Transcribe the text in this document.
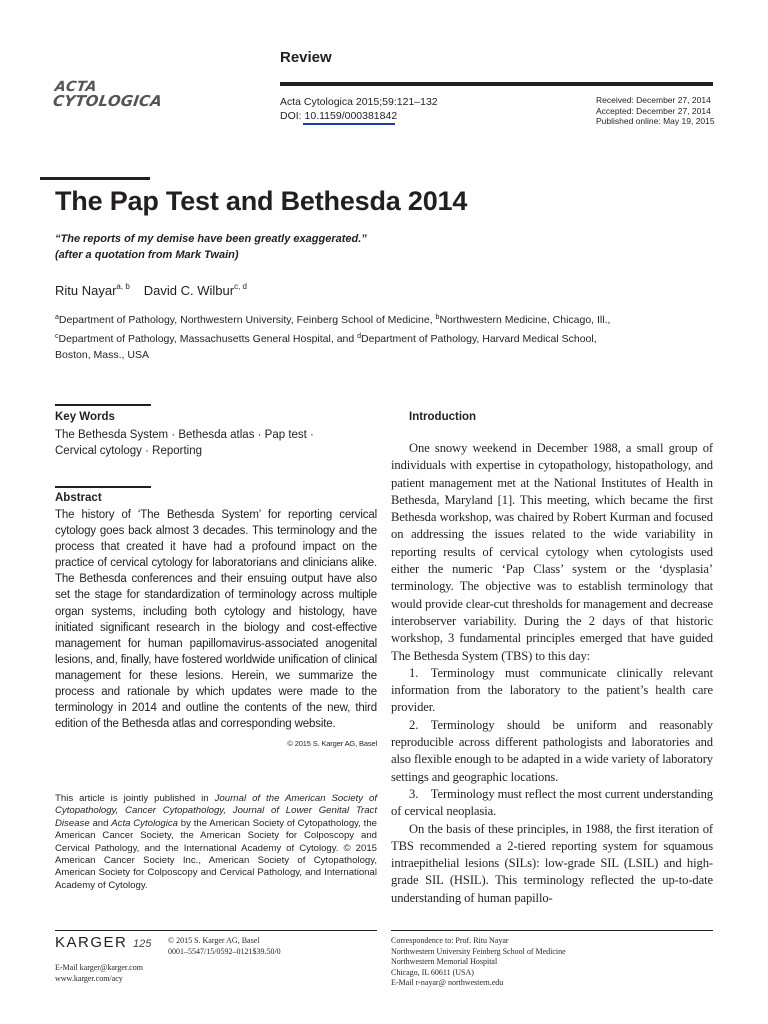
Review
ACTA
CYTOLOGICA	Acta Cytologica 2015;59:121–132
DOI: 10.1159/000381842
Received: December 27, 2014
Accepted: December 27, 2014
Published online: May 19, 2015
The Pap Test and Bethesda 2014
“The reports of my demise have been greatly exaggerated.”
(after a quotation from Mark Twain)
Ritu Nayar$^{a, b}$ David C. Wilbur$^{c, d}$
$^a$Department of Pathology, Northwestern University, Feinberg School of Medicine, $^b$Northwestern Medicine, Chicago, Ill., $^c$Department of Pathology, Massachusetts General Hospital, and $^d$Department of Pathology, Harvard Medical School, Boston, Mass., USA
Key Words
The Bethesda System · Bethesda atlas · Pap test ·
Cervical cytology · Reporting
Abstract
The history of ‘The Bethesda System’ for reporting cervical cytology goes back almost 3 decades. This terminology and the process that created it have had a profound impact on the practice of cervical cytology for laboratorians and clinicians alike. The Bethesda conferences and their ensuing output have also set the stage for standardization of terminology across multiple organ systems, including both cytology and histology, have initiated significant research in the biology and cost-effective management for human papillomavirus-associated anogenital lesions, and, finally, have fostered worldwide unification of clinical management for these lesions. Herein, we summarize the process and rationale by which updates were made to the terminology in 2014 and outline the contents of the new, third edition of the Bethesda atlas and corresponding website.
© 2015 S. Karger AG, Basel
This article is jointly published in Journal of the American Society of Cytopathology, Cancer Cytopathology, Journal of Lower Genital Tract Disease and Acta Cytologica by the American Society of Cytopathology, the American Cancer Society, the American Society for Colposcopy and Cervical Pathology, and the International Academy of Cytology. © 2015 American Cancer Society Inc., American Society of Cytopathology, American Society for Colposcopy and Cervical Pathology, and International Academy of Cytology.
Introduction

One snowy weekend in December 1988, a small group of individuals with expertise in cytopathology, histopathology, and patient management met at the National Institutes of Health in Bethesda, Maryland [1]. This meeting, which became the first Bethesda workshop, was chaired by Robert Kurman and focused on addressing the issues related to the wide variability in reporting results of cervical cytology when cytologists used either the numeric ‘Pap Class’ system or the ‘dysplasia’ terminology. The objective was to establish terminology that would provide clear-cut thresholds for management and decrease interobserver variability. During the 2 days of that historic workshop, 3 fundamental principles emerged that have guided The Bethesda System (TBS) to this day:

1. Terminology must communicate clinically relevant information from the laboratory to the patient’s health care provider.

2. Terminology should be uniform and reasonably reproducible across different pathologists and laboratories and also flexible enough to be adapted in a wide variety of laboratory settings and geographic locations.

3. Terminology must reflect the most current understanding of cervical neoplasia.

On the basis of these principles, in 1988, the first iteration of TBS recommended a 2-tiered reporting system for squamous intraepithelial lesions (SILs): low-grade SIL (LSIL) and high-grade SIL (HSIL). This terminology reflected the up-to-date understanding of human papillo-

KARGER 125 © 2015 S. Karger AG, Basel
0001–5547/15/0592–0121$39.50/0
E-Mail karger@karger.com
www.karger.com/acy
Correspondence to: Prof. Ritu Nayar
Northwestern University Feinberg School of Medicine
Northwestern Memorial Hospital
Chicago, IL 60611 (USA)
E-Mail r-nayar@ northwestern.edu
